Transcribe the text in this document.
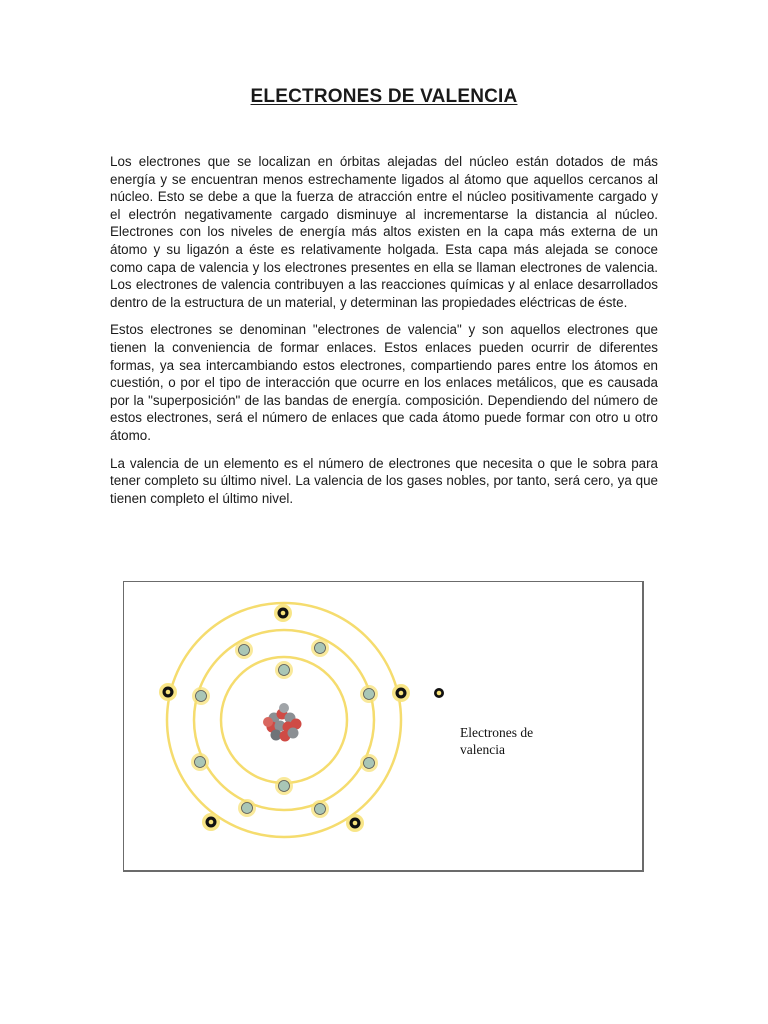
ELECTRONES DE VALENCIA

Los electrones que se localizan en órbitas alejadas del núcleo están dotados de más energía y se encuentran menos estrechamente ligados al átomo que aquellos cercanos al núcleo. Esto se debe a que la fuerza de atracción entre el núcleo positivamente cargado y el electrón negativamente cargado disminuye al incrementarse la distancia al núcleo. Electrones con los niveles de energía más altos existen en la capa más externa de un átomo y su ligazón a éste es relativamente holgada. Esta capa más alejada se conoce como capa de valencia y los electrones presentes en ella se llaman electrones de valencia. Los electrones de valencia contribuyen a las reacciones químicas y al enlace desarrollados dentro de la estructura de un material, y determinan las propiedades eléctricas de éste.

Estos electrones se denominan "electrones de valencia" y son aquellos electrones que tienen la conveniencia de formar enlaces. Estos enlaces pueden ocurrir de diferentes formas, ya sea intercambiando estos electrones, compartiendo pares entre los átomos en cuestión, o por el tipo de interacción que ocurre en los enlaces metálicos, que es causada por la "superposición" de las bandas de energía. composición. Dependiendo del número de estos electrones, será el número de enlaces que cada átomo puede formar con otro u otro átomo.

La valencia de un elemento es el número de electrones que necesita o que le sobra para tener completo su último nivel. La valencia de los gases nobles, por tanto, será cero, ya que tienen completo el último nivel.

Electrones de valencia
